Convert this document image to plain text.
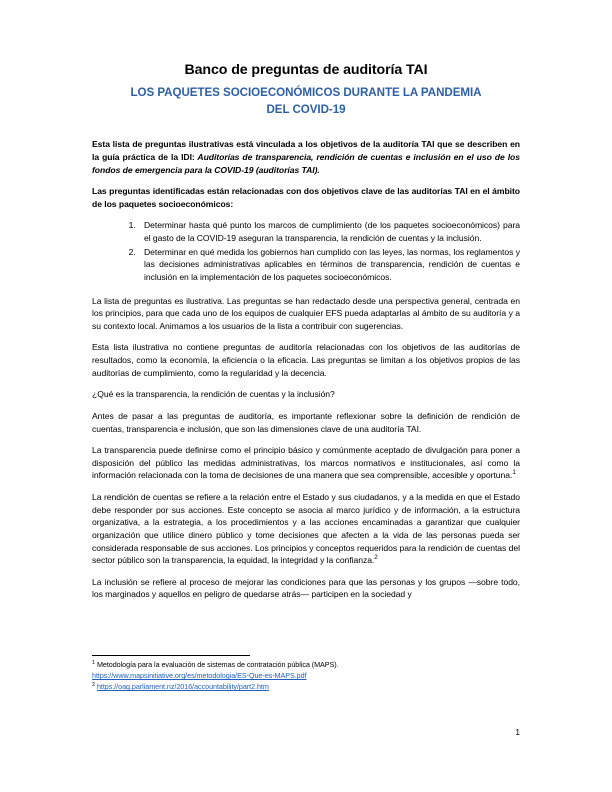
Banco de preguntas de auditoría TAI
LOS PAQUETES SOCIOECONÓMICOS DURANTE LA PANDEMIA
DEL COVID-19

Esta lista de preguntas ilustrativas está vinculada a los objetivos de la auditoría TAI que se describen en la guía práctica de la IDI: Auditorías de transparencia, rendición de cuentas e inclusión en el uso de los fondos de emergencia para la COVID-19 (auditorías TAI).

Las preguntas identificadas están relacionadas con dos objetivos clave de las auditorías TAI en el ámbito de los paquetes socioeconómicos:

1. Determinar hasta qué punto los marcos de cumplimiento (de los paquetes socioeconómicos) para el gasto de la COVID-19 aseguran la transparencia, la rendición de cuentas y la inclusión.
2. Determinar en qué medida los gobiernos han cumplido con las leyes, las normas, los reglamentos y las decisiones administrativas aplicables en términos de transparencia, rendición de cuentas e inclusión en la implementación de los paquetes socioeconómicos.

La lista de preguntas es ilustrativa. Las preguntas se han redactado desde una perspectiva general, centrada en los principios, para que cada uno de los equipos de cualquier EFS pueda adaptarlas al ámbito de su auditoría y a su contexto local. Animamos a los usuarios de la lista a contribuir con sugerencias.

Esta lista ilustrativa no contiene preguntas de auditoría relacionadas con los objetivos de las auditorías de resultados, como la economía, la eficiencia o la eficacia. Las preguntas se limitan a los objetivos propios de las auditorías de cumplimiento, como la regularidad y la decencia.

¿Qué es la transparencia, la rendición de cuentas y la inclusión?

Antes de pasar a las preguntas de auditoría, es importante reflexionar sobre la definición de rendición de cuentas, transparencia e inclusión, que son las dimensiones clave de una auditoría TAI.

La transparencia puede definirse como el principio básico y comúnmente aceptado de divulgación para poner a disposición del público las medidas administrativas, los marcos normativos e institucionales, así como la información relacionada con la toma de decisiones de una manera que sea comprensible, accesible y oportuna.$^1$

La rendición de cuentas se refiere a la relación entre el Estado y sus ciudadanos, y a la medida en que el Estado debe responder por sus acciones. Este concepto se asocia al marco jurídico y de información, a la estructura organizativa, a la estrategia, a los procedimientos y a las acciones encaminadas a garantizar que cualquier organización que utilice dinero público y tome decisiones que afecten a la vida de las personas pueda ser considerada responsable de sus acciones. Los principios y conceptos requeridos para la rendición de cuentas del sector público son la transparencia, la equidad, la integridad y la confianza.$^2$

La inclusión se refiere al proceso de mejorar las condiciones para que las personas y los grupos —sobre todo, los marginados y aquellos en peligro de quedarse atrás— participen en la sociedad y

$^1$ Metodología para la evaluación de sistemas de contratación pública (MAPS).

https://www.mapsinitiative.org/es/metodologia/ES-Que-es-MAPS.pdf

$^2$ https://oag.parliament.nz/2016/accountability/part2.htm

1
